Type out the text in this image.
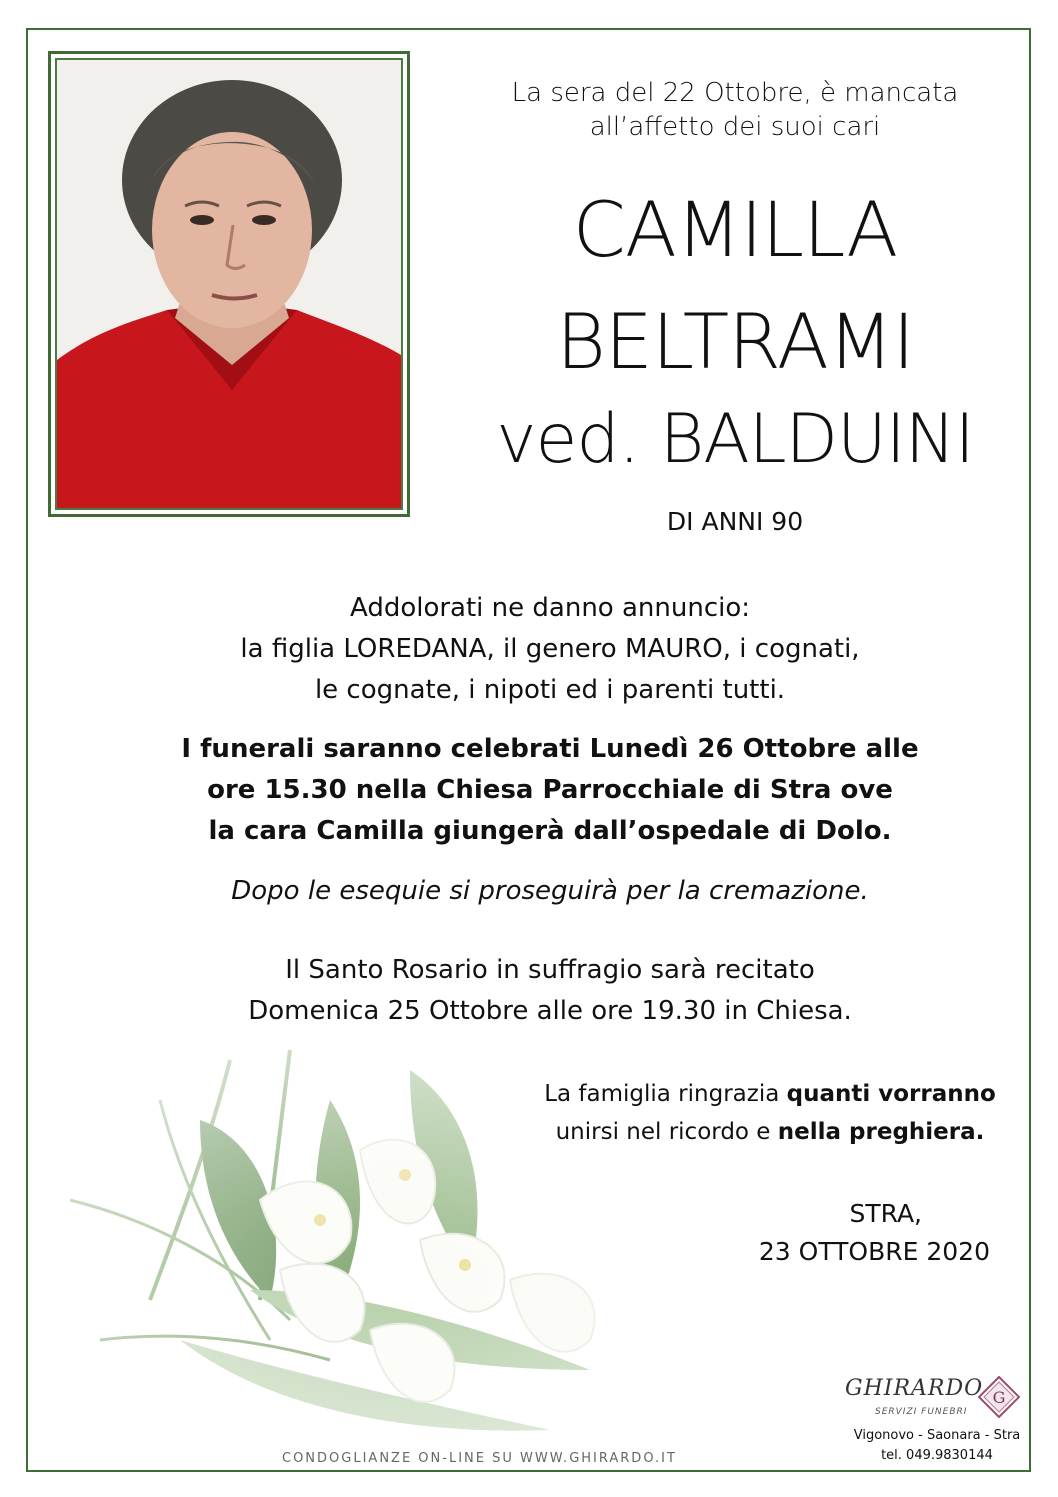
La sera del 22 Ottobre, è mancata
all’affetto dei suoi cari
CAMILLA
BELTRAMI
ved. BALDUINI
DI ANNI 90
Addolorati ne danno annuncio:
la figlia LOREDANA, il genero MAURO, i cognati,
le cognate, i nipoti ed i parenti tutti.
I funerali saranno celebrati Lunedì 26 Ottobre alle
ore 15.30 nella Chiesa Parrocchiale di Stra ove
la cara Camilla giungerà dall’ospedale di Dolo.
Dopo le esequie si proseguirà per la cremazione.
Il Santo Rosario in suffragio sarà recitato
Domenica 25 Ottobre alle ore 19.30 in Chiesa.
La famiglia ringrazia quanti vorranno
unirsi nel ricordo e nella preghiera.
STRA,
23 OTTOBRE 2020
CONDOGLIANZE ON-LINE SU WWW.GHIRARDO.IT
GHIRARDO
SERVIZI FUNEBRI
G
Vigonovo - Saonara - Stra
tel. 049.9830144
